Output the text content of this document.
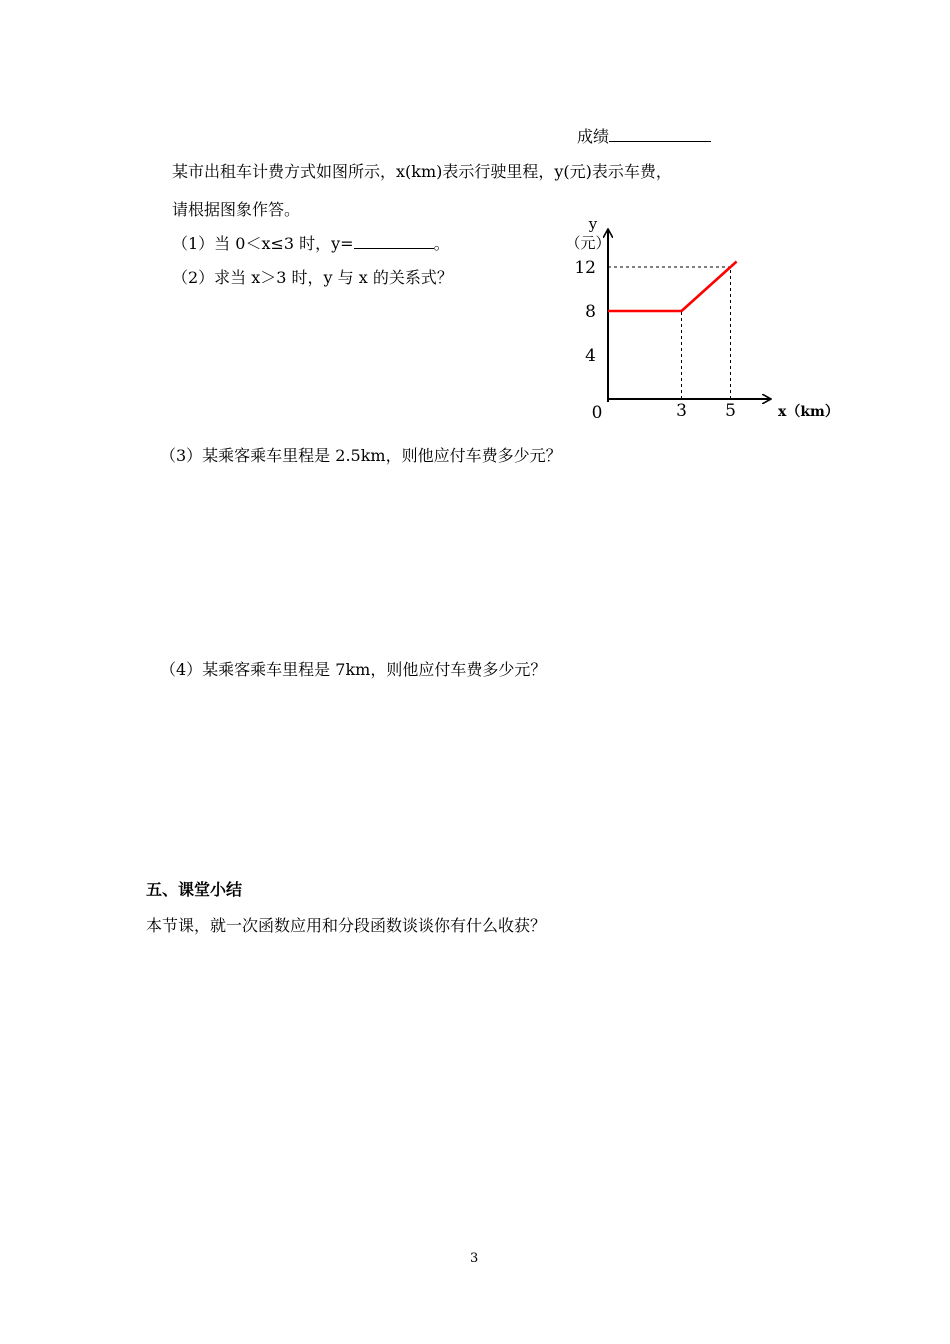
成绩
某市出租车计费方式如图所示，x(km)表示行驶里程，y(元)表示车费，
请根据图象作答。
（1）当 0＜x≤3 时，y=	。
（2）求当 x＞3 时，y 与 x 的关系式？
3 5
4
8
12
y
（元）
x（km）
0
（3）某乘客乘车里程是 2.5km，则他应付车费多少元？
（4）某乘客乘车里程是 7km，则他应付车费多少元？
五、课堂小结
本节课，就一次函数应用和分段函数谈谈你有什么收获？
3
